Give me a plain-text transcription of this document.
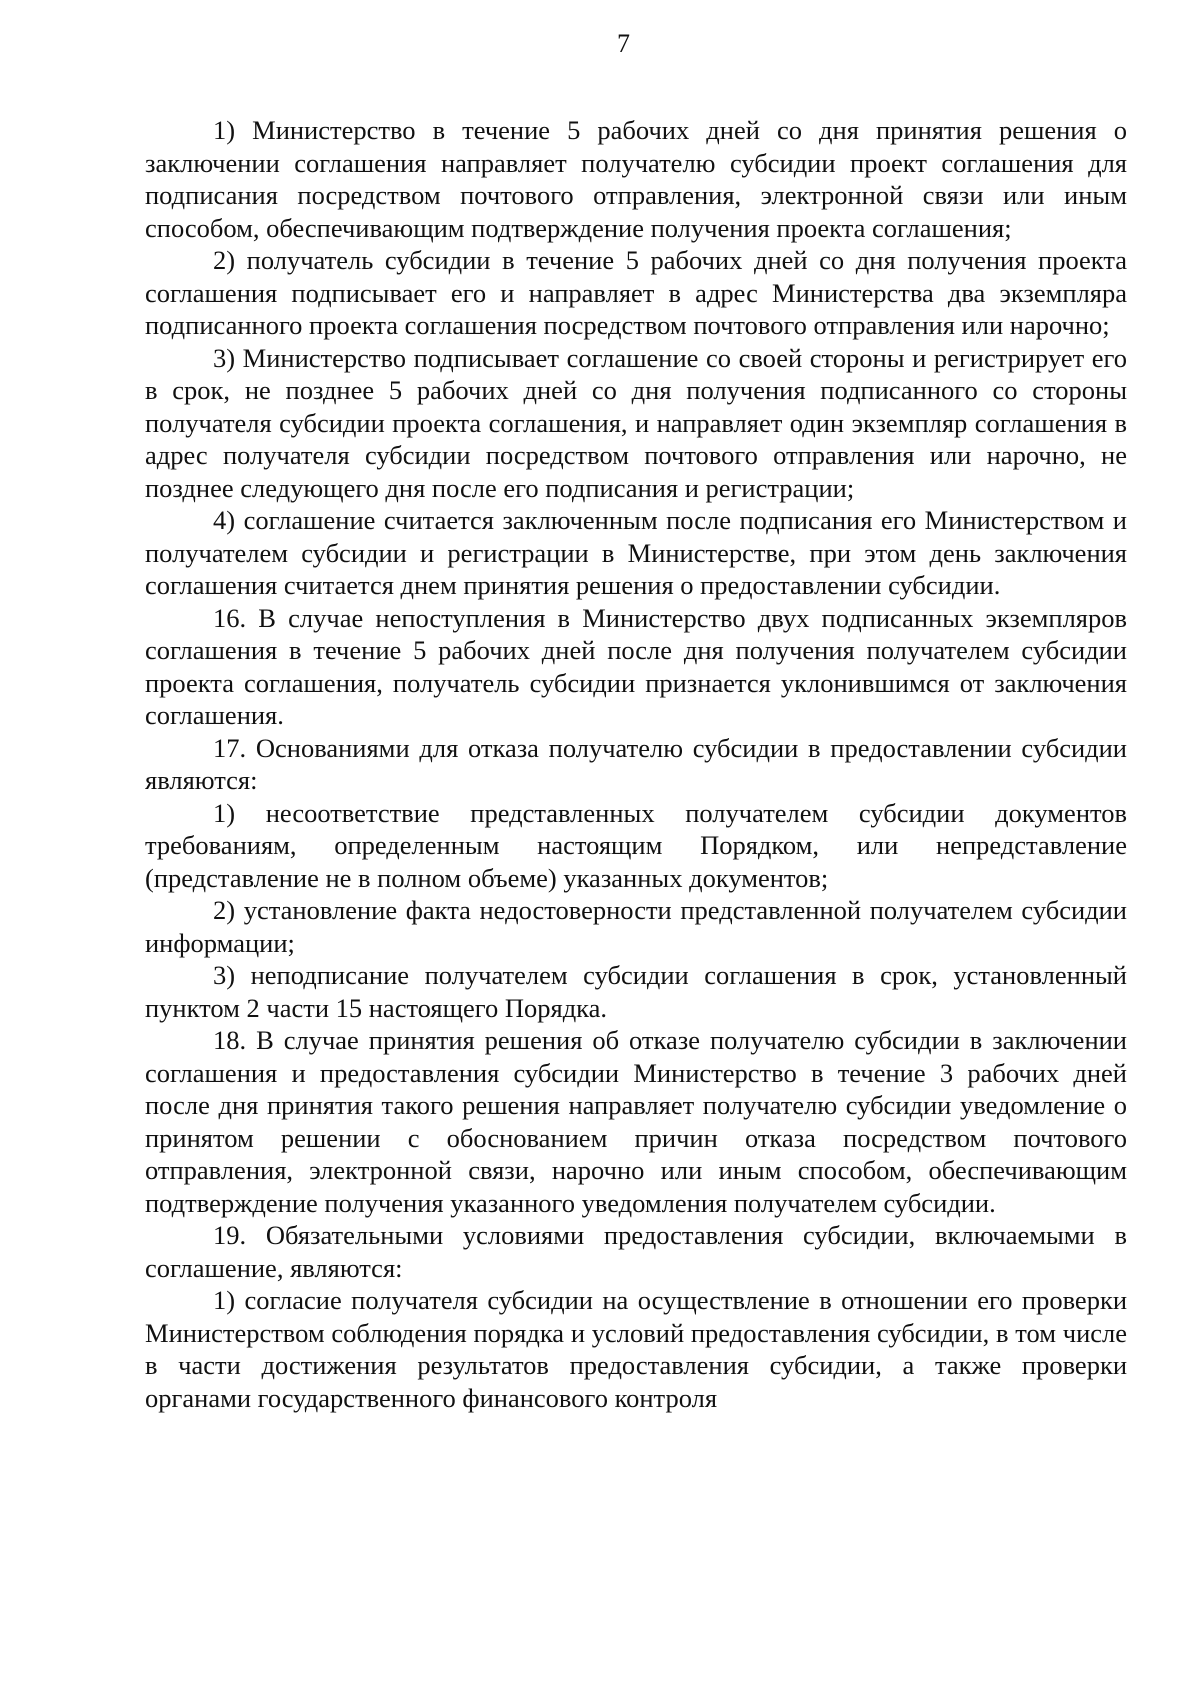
7

1) Министерство в течение 5 рабочих дней со дня принятия решения о заключении соглашения направляет получателю субсидии проект соглашения для подписания посредством почтового отправления, электронной связи или иным способом, обеспечивающим подтверждение получения проекта соглашения;

2) получатель субсидии в течение 5 рабочих дней со дня получения проекта соглашения подписывает его и направляет в адрес Министерства два экземпляра подписанного проекта соглашения посредством почтового отправления или нарочно;

3) Министерство подписывает соглашение со своей стороны и регистрирует его в срок, не позднее 5 рабочих дней со дня получения подписанного со стороны получателя субсидии проекта соглашения, и направляет один экземпляр соглашения в адрес получателя субсидии посредством почтового отправления или нарочно, не позднее следующего дня после его подписания и регистрации;

4) соглашение считается заключенным после подписания его Министерством и получателем субсидии и регистрации в Министерстве, при этом день заключения соглашения считается днем принятия решения о предоставлении субсидии.

16. В случае непоступления в Министерство двух подписанных экземпляров соглашения в течение 5 рабочих дней после дня получения получателем субсидии проекта соглашения, получатель субсидии признается уклонившимся от заключения соглашения.

17. Основаниями для отказа получателю субсидии в предоставлении субсидии являются:

1) несоответствие представленных получателем субсидии документов требованиям, определенным настоящим Порядком, или непредставление (представление не в полном объеме) указанных документов;

2) установление факта недостоверности представленной получателем субсидии информации;

3) неподписание получателем субсидии соглашения в срок, установленный пунктом 2 части 15 настоящего Порядка.

18. В случае принятия решения об отказе получателю субсидии в заключении соглашения и предоставления субсидии Министерство в течение 3 рабочих дней после дня принятия такого решения направляет получателю субсидии уведомление о принятом решении с обоснованием причин отказа посредством почтового отправления, электронной связи, нарочно или иным способом, обеспечивающим подтверждение получения указанного уведомления получателем субсидии.

19. Обязательными условиями предоставления субсидии, включаемыми в соглашение, являются:

1) согласие получателя субсидии на осуществление в отношении его проверки Министерством соблюдения порядка и условий предоставления субсидии, в том числе в части достижения результатов предоставления субсидии, а также проверки органами государственного финансового контроля
